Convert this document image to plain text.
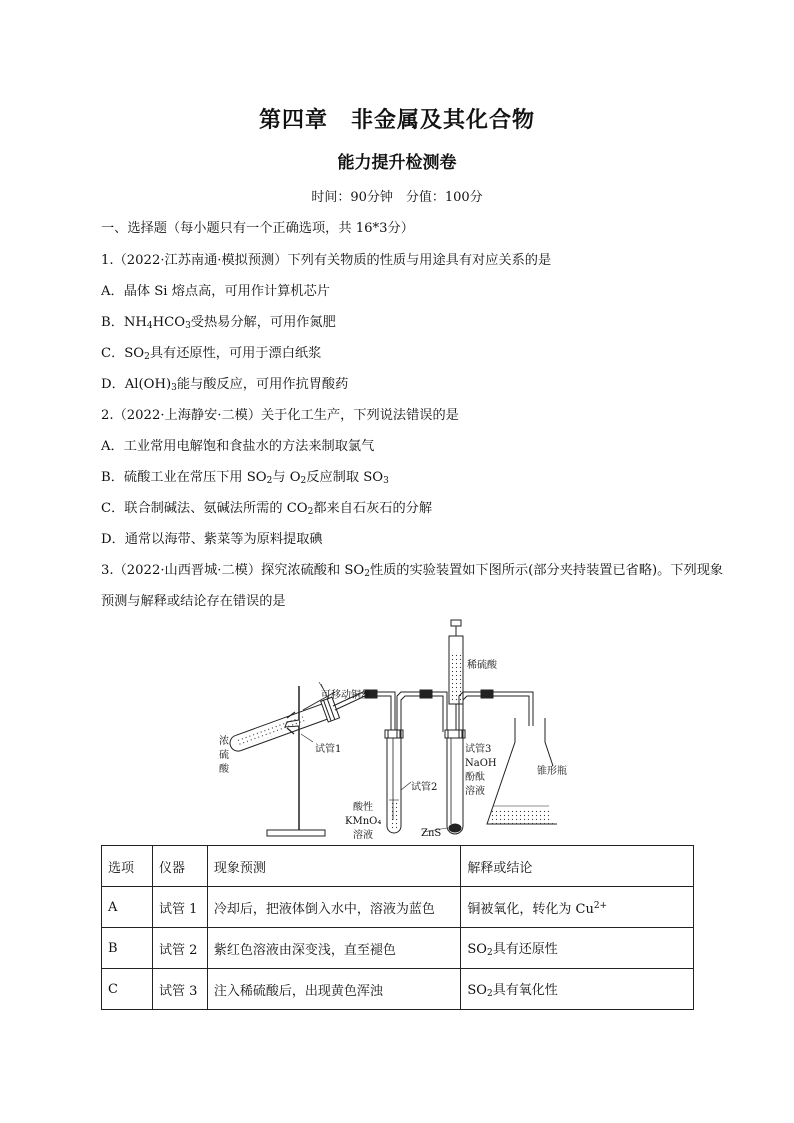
第四章　非金属及其化合物
能力提升检测卷
时间：90分钟　分值：100分
一、选择题（每小题只有一个正确选项，共 16*3分）
1.（2022·江苏南通·模拟预测）下列有关物质的性质与用途具有对应关系的是
A．晶体 Si 熔点高，可用作计算机芯片
B．$NH_4HCO_3$受热易分解，可用作氮肥
C．$SO_2$具有还原性，可用于漂白纸浆
D．$Al(OH)_3$能与酸反应，可用作抗胃酸药
2.（2022·上海静安·二模）关于化工生产，下列说法错误的是
A．工业常用电解饱和食盐水的方法来制取氯气
B．硫酸工业在常压下用 $SO_2$与 $O_2$反应制取 $SO_3$
C．联合制碱法、氨碱法所需的 $CO_2$都来自石灰石的分解
D．通常以海带、紫菜等为原料提取碘
3.（2022·山西晋城·二模）探究浓硫酸和 $SO_2$性质的实验装置如下图所示(部分夹持装置已省略)。下列现象
预测与解释或结论存在错误的是
可移动铜丝
浓
硫
酸
试管1
酸性
KMnO₄
溶液
试管2
稀 硫 酸
试管3
NaOH
酚酞
溶液
ZnS
锥形瓶
选项	仪器	现象预测	解释或结论
A	试管 1	冷却后，把液体倒入水中，溶液为蓝色	铜被氧化，转化为 $Cu^{2+}$
B	试管 2	紫红色溶液由深变浅，直至褪色	$SO_2$具有还原性
C	试管 3	注入稀硫酸后，出现黄色浑浊	$SO_2$具有氧化性
